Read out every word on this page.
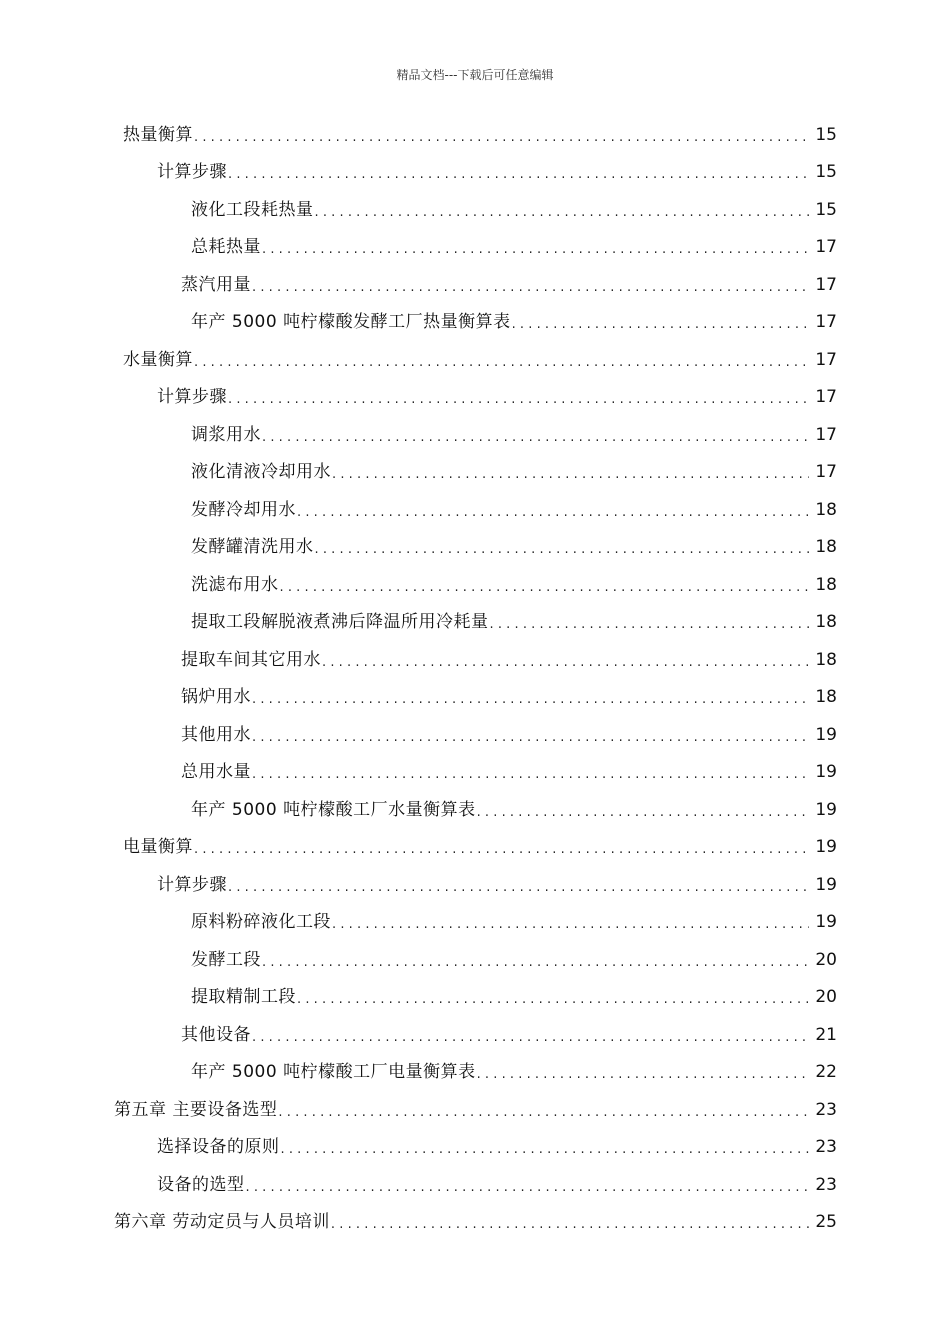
精品文档---下载后可任意编辑
热量衡算 .....	15
计算步骤 .....	15
液化工段耗热量 .....	15
总耗热量 .....	17
蒸汽用量 .....	17
年产 5000 吨柠檬酸发酵工厂热量衡算表 .....	17
水量衡算 .....	17
计算步骤 .....	17
调浆用水 .....	17
液化清液冷却用水 .....	17
发酵冷却用水 .....	18
发酵罐清洗用水 .....	18
洗滤布用水 .....	18
提取工段解脱液煮沸后降温所用冷耗量 .....	18
提取车间其它用水 .....	18
锅炉用水 .....	18
其他用水 .....	19
总用水量 .....	19
年产 5000 吨柠檬酸工厂水量衡算表 .....	19
电量衡算 .....	19
计算步骤 .....	19
原料粉碎液化工段 .....	19
发酵工段 .....	20
提取精制工段 .....	20
其他设备 .....	21
年产 5000 吨柠檬酸工厂电量衡算表 .....	22
第五章 主要设备选型 .....	23
选择设备的原则 .....	23
设备的选型 .....	23
第六章 劳动定员与人员培训 .....	25
